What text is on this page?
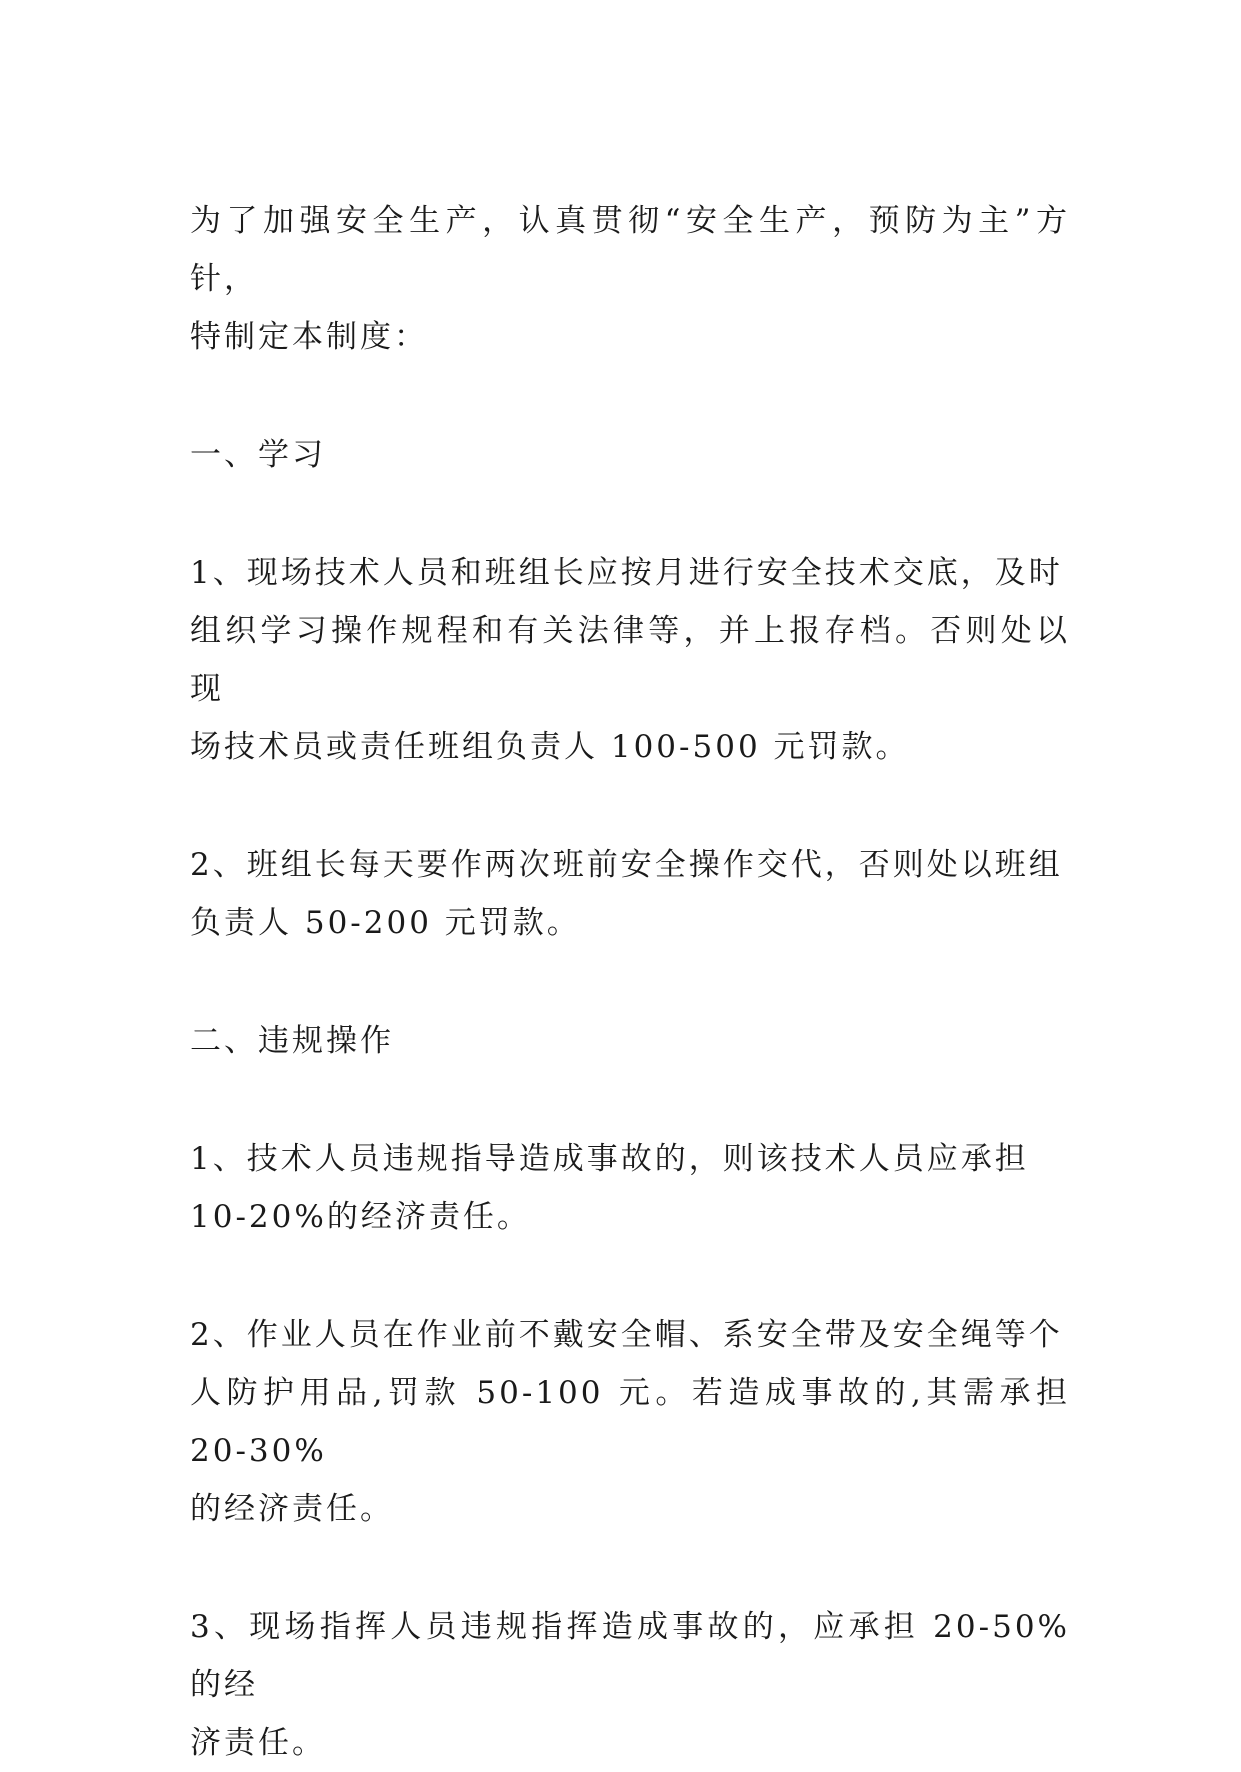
为了加强安全生产，认真贯彻“安全生产，预防为主”方针，
特制定本制度：

一、学习

1、现场技术人员和班组长应按月进行安全技术交底，及时
组织学习操作规程和有关法律等，并上报存档。否则处以现
场技术员或责任班组负责人 100-500 元罚款。

2、班组长每天要作两次班前安全操作交代，否则处以班组
负责人 50-200 元罚款。

二、违规操作

1、技术人员违规指导造成事故的，则该技术人员应承担
10-20%的经济责任。

2、作业人员在作业前不戴安全帽、系安全带及安全绳等个
人防护用品,罚款 50-100 元。若造成事故的,其需承担 20-30%
的经济责任。

3、现场指挥人员违规指挥造成事故的，应承担 20-50%的经
济责任。
